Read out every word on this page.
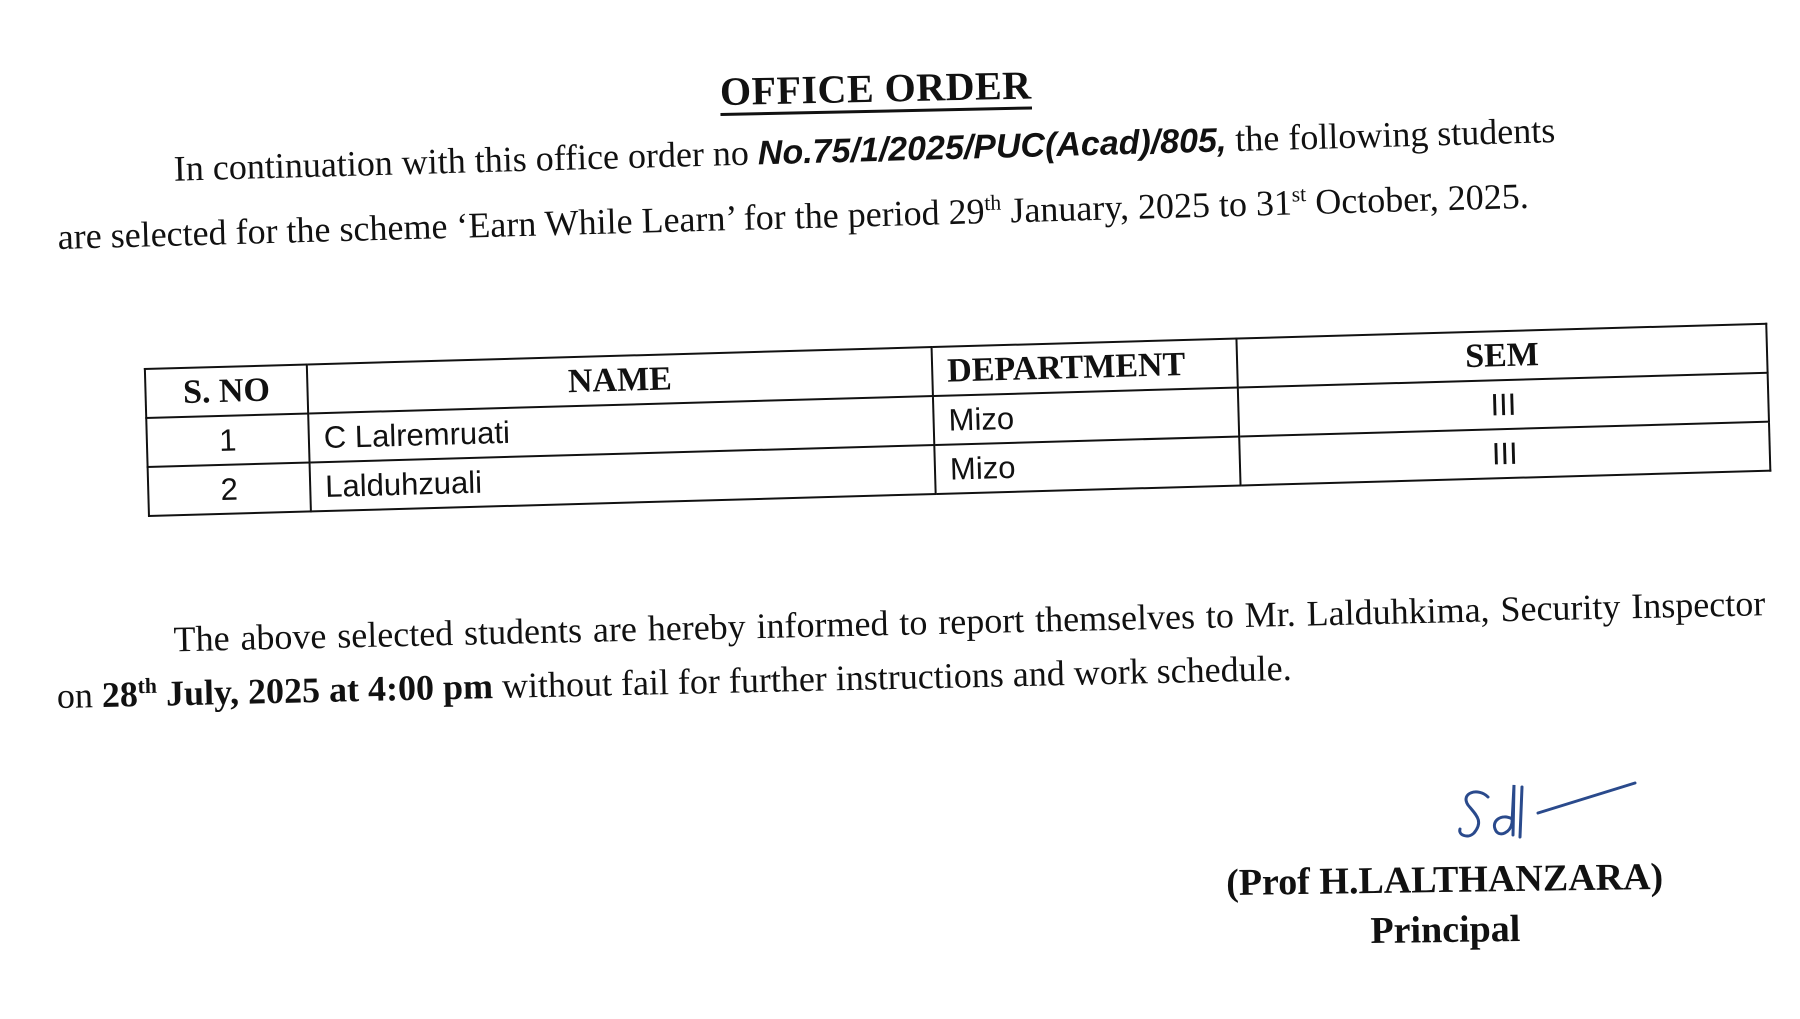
OFFICE ORDER
In continuation with this office order no No.75/1/2025/PUC(Acad)/805, the following students
are selected for the scheme ‘Earn While Learn’ for the period 29th January, 2025 to 31st October, 2025.
S. NO	NAME	DEPARTMENT	SEM
1	C Lalremruati	Mizo	III
2	Lalduhzuali	Mizo	III
The above selected students are hereby informed to report themselves to Mr. Lalduhkima, Security Inspector on 28th July, 2025 at 4:00 pm without fail for further instructions and work schedule.
(Prof H.LALTHANZARA)
Principal
